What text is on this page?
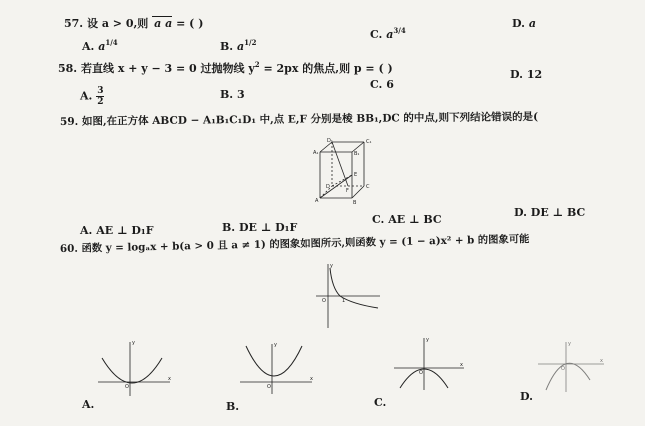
57. 设 a > 0,则 a a = ( )
A. $a^{1/4}$	B. $a^{1/2}$
C. $a^{3/4}$
D. a
58. 若直线 x + y − 3 = 0 过抛物线 $y^2 = 2px$ 的焦点,则 p = ( )
A. $\frac{3}{2}$	B. 3
C. 6
D. 12
59. 如图,在正方体 ABCD − A₁B₁C₁D₁ 中,点 E,F 分别是棱 BB₁,DC 的中点,则下列结论错误的是(
D₁	C₁
A₁	B₁
A	B
C
D
E
F
A. AE ⊥ D₁F	B. DE ⊥ D₁F
C. AE ⊥ BC
D. DE ⊥ BC
60. 函数 y = logₐx + b(a > 0 且 a ≠ 1) 的图象如图所示,则函数 y = (1 − a)x² + b 的图象可能
y
O	1
y
x
O
A.
y
x
O
B.
y
x
O
C.
y
x
O
D.
